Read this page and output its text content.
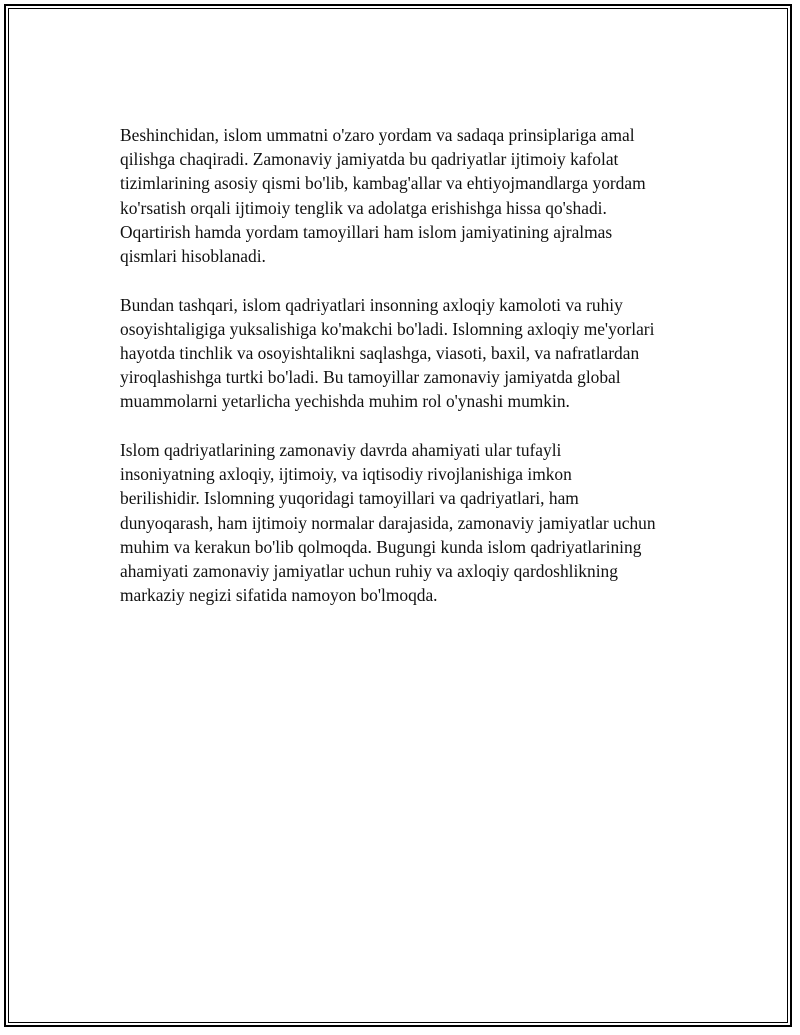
Beshinchidan, islom ummatni o'zaro yordam va sadaqa prinsiplariga amal
qilishga chaqiradi. Zamonaviy jamiyatda bu qadriyatlar ijtimoiy kafolat
tizimlarining asosiy qismi bo'lib, kambag'allar va ehtiyojmandlarga yordam
ko'rsatish orqali ijtimoiy tenglik va adolatga erishishga hissa qo'shadi.
Oqartirish hamda yordam tamoyillari ham islom jamiyatining ajralmas
qismlari hisoblanadi.

Bundan tashqari, islom qadriyatlari insonning axloqiy kamoloti va ruhiy
osoyishtaligiga yuksalishiga ko'makchi bo'ladi. Islomning axloqiy me'yorlari
hayotda tinchlik va osoyishtalikni saqlashga, viasoti, baxil, va nafratlardan
yiroqlashishga turtki bo'ladi. Bu tamoyillar zamonaviy jamiyatda global
muammolarni yetarlicha yechishda muhim rol o'ynashi mumkin.

Islom qadriyatlarining zamonaviy davrda ahamiyati ular tufayli
insoniyatning axloqiy, ijtimoiy, va iqtisodiy rivojlanishiga imkon
berilishidir. Islomning yuqoridagi tamoyillari va qadriyatlari, ham
dunyoqarash, ham ijtimoiy normalar darajasida, zamonaviy jamiyatlar uchun
muhim va kerakun bo'lib qolmoqda. Bugungi kunda islom qadriyatlarining
ahamiyati zamonaviy jamiyatlar uchun ruhiy va axloqiy qardoshlikning
markaziy negizi sifatida namoyon bo'lmoqda.
